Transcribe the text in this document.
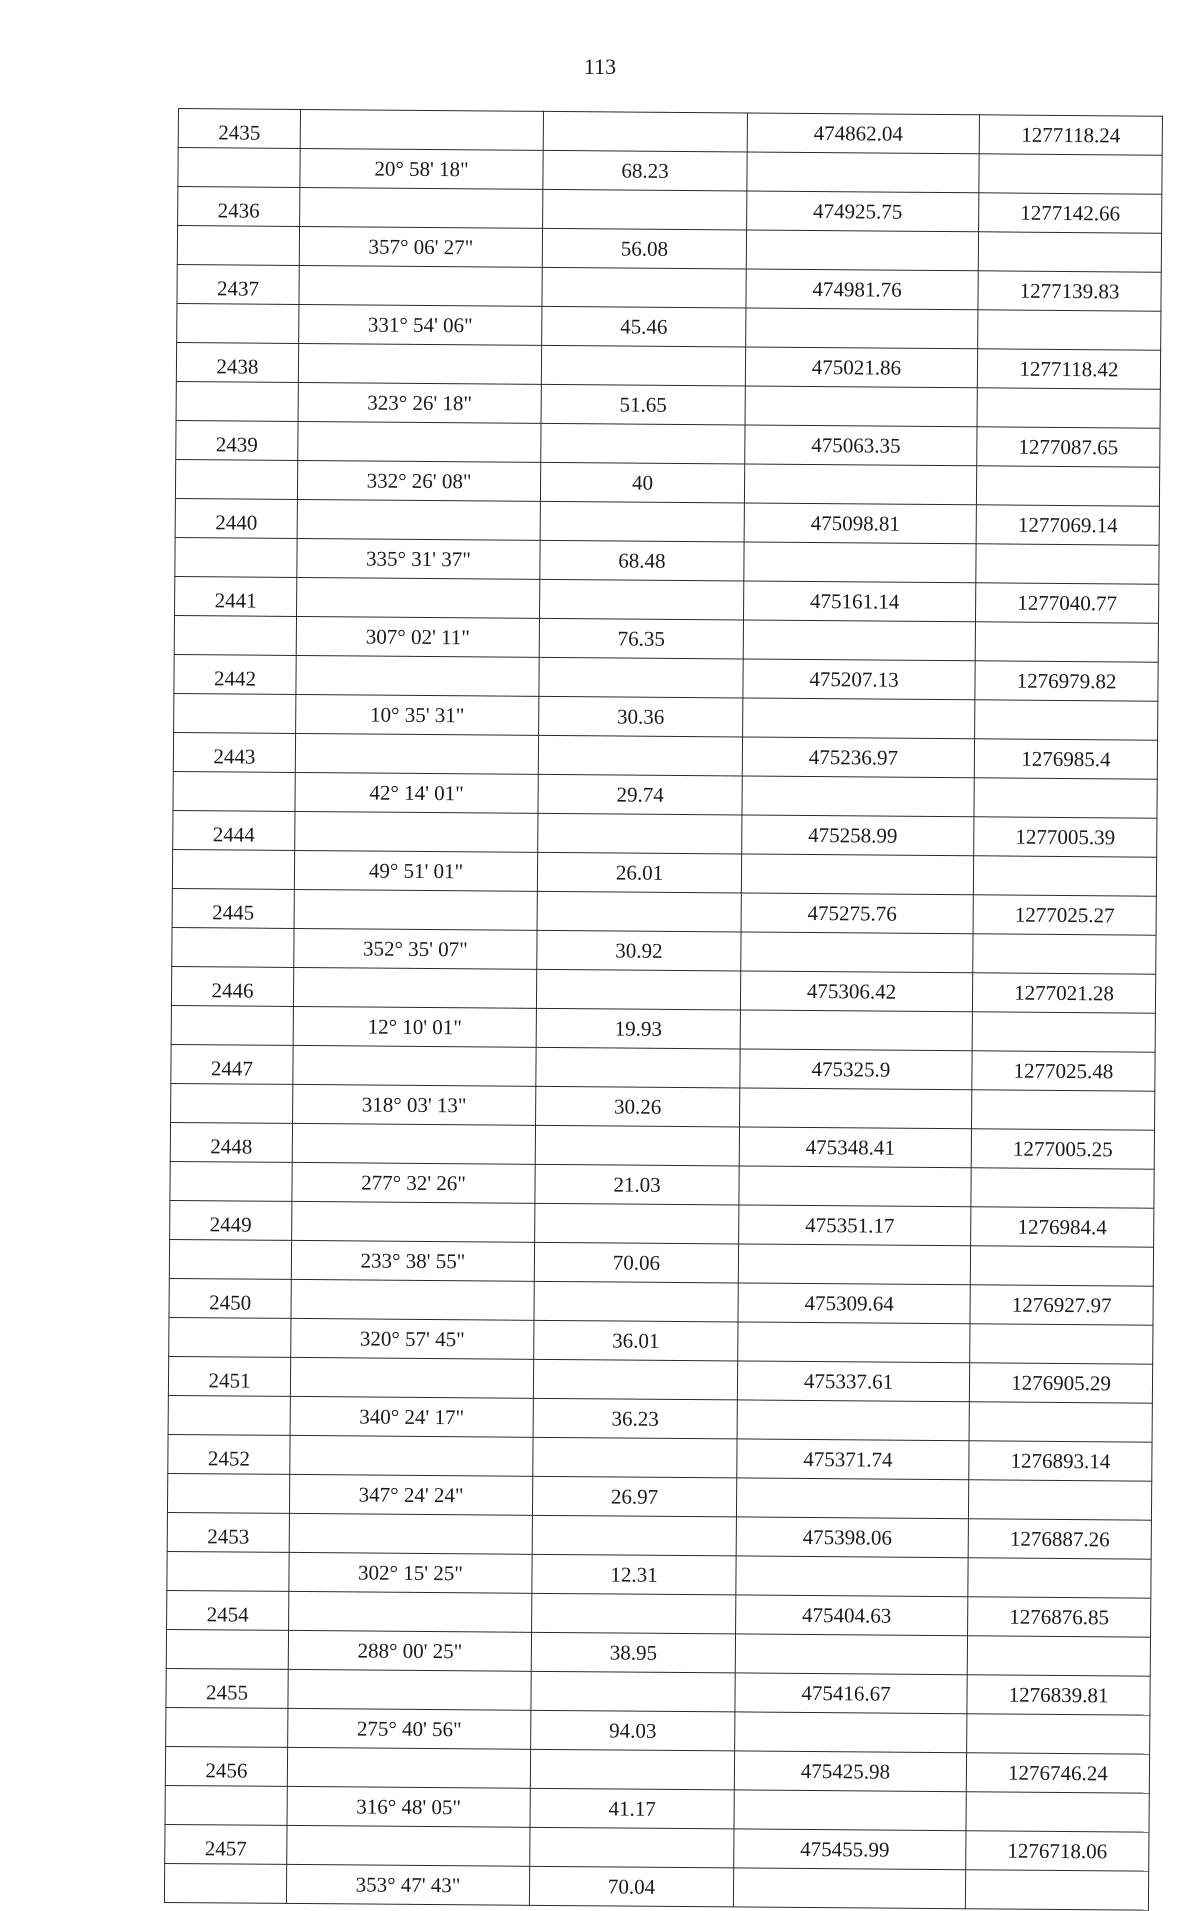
113
2435			474862.04	1277118.24
	20° 58' 18"	68.23		
2436			474925.75	1277142.66
	357° 06' 27"	56.08		
2437			474981.76	1277139.83
	331° 54' 06"	45.46		
2438			475021.86	1277118.42
	323° 26' 18"	51.65		
2439			475063.35	1277087.65
	332° 26' 08"	40		
2440			475098.81	1277069.14
	335° 31' 37"	68.48		
2441			475161.14	1277040.77
	307° 02' 11"	76.35		
2442			475207.13	1276979.82
	10° 35' 31"	30.36		
2443			475236.97	1276985.4
	42° 14' 01"	29.74		
2444			475258.99	1277005.39
	49° 51' 01"	26.01		
2445			475275.76	1277025.27
	352° 35' 07"	30.92		
2446			475306.42	1277021.28
	12° 10' 01"	19.93		
2447			475325.9	1277025.48
	318° 03' 13"	30.26		
2448			475348.41	1277005.25
	277° 32' 26"	21.03		
2449			475351.17	1276984.4
	233° 38' 55"	70.06		
2450			475309.64	1276927.97
	320° 57' 45"	36.01		
2451			475337.61	1276905.29
	340° 24' 17"	36.23		
2452			475371.74	1276893.14
	347° 24' 24"	26.97		
2453			475398.06	1276887.26
	302° 15' 25"	12.31		
2454			475404.63	1276876.85
	288° 00' 25"	38.95		
2455			475416.67	1276839.81
	275° 40' 56"	94.03		
2456			475425.98	1276746.24
	316° 48' 05"	41.17		
2457			475455.99	1276718.06
	353° 47' 43"	70.04		
